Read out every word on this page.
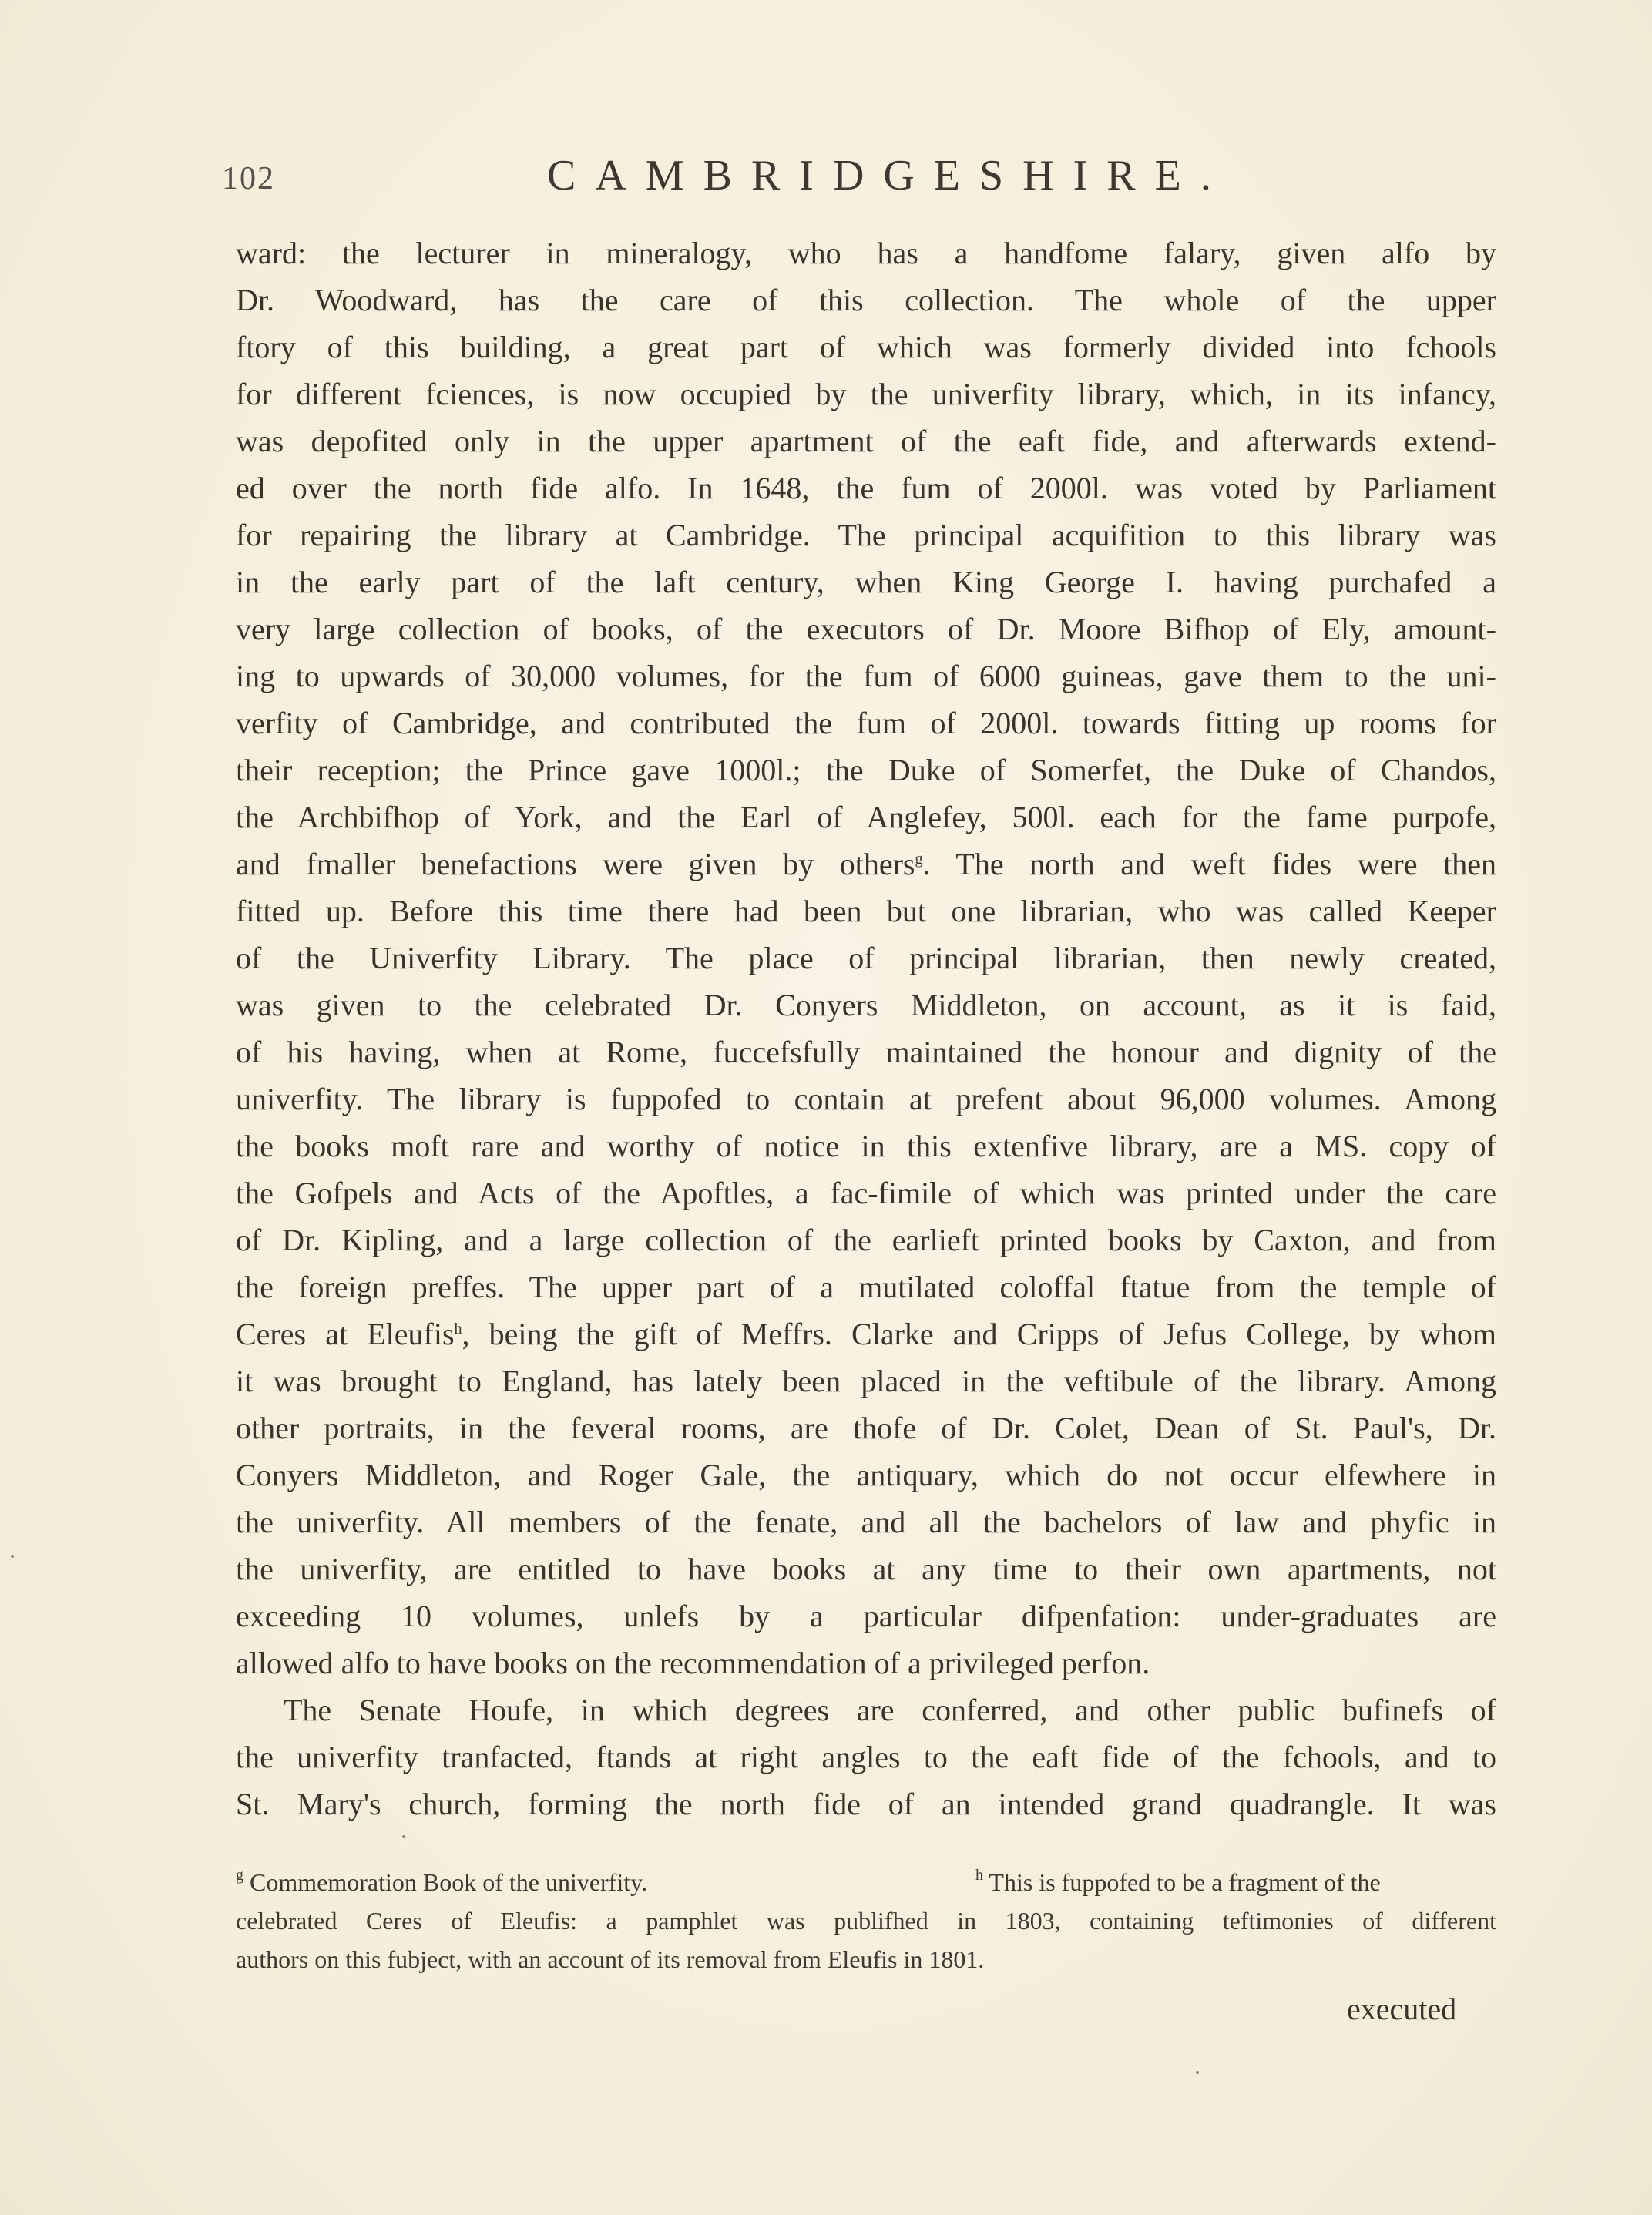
102	CAMBRIDGESHIRE.
ward: the lecturer in mineralogy, who has a handfome falary, given alfo by
Dr. Woodward, has the care of this collection. The whole of the upper
ftory of this building, a great part of which was formerly divided into fchools
for different fciences, is now occupied by the univerfity library, which, in its infancy,
was depofited only in the upper apartment of the eaft fide, and afterwards extend-
ed over the north fide alfo. In 1648, the fum of 2000l. was voted by Parliament
for repairing the library at Cambridge. The principal acquifition to this library was
in the early part of the laft century, when King George I. having purchafed a
very large collection of books, of the executors of Dr. Moore Bifhop of Ely, amount-
ing to upwards of 30,000 volumes, for the fum of 6000 guineas, gave them to the uni-
verfity of Cambridge, and contributed the fum of 2000l. towards fitting up rooms for
their reception; the Prince gave 1000l.; the Duke of Somerfet, the Duke of Chandos,
the Archbifhop of York, and the Earl of Anglefey, 500l. each for the fame purpofe,
and fmaller benefactions were given by others$^g$. The north and weft fides were then
fitted up. Before this time there had been but one librarian, who was called Keeper
of the Univerfity Library. The place of principal librarian, then newly created,
was given to the celebrated Dr. Conyers Middleton, on account, as it is faid,
of his having, when at Rome, fuccefsfully maintained the honour and dignity of the
univerfity. The library is fuppofed to contain at prefent about 96,000 volumes. Among
the books moft rare and worthy of notice in this extenfive library, are a MS. copy of
the Gofpels and Acts of the Apoftles, a fac-fimile of which was printed under the care
of Dr. Kipling, and a large collection of the earlieft printed books by Caxton, and from
the foreign preffes. The upper part of a mutilated coloffal ftatue from the temple of
Ceres at Eleufis$^h$, being the gift of Meffrs. Clarke and Cripps of Jefus College, by whom
it was brought to England, has lately been placed in the veftibule of the library. Among
other portraits, in the feveral rooms, are thofe of Dr. Colet, Dean of St. Paul's, Dr.
Conyers Middleton, and Roger Gale, the antiquary, which do not occur elfewhere in
the univerfity. All members of the fenate, and all the bachelors of law and phyfic in
the univerfity, are entitled to have books at any time to their own apartments, not
exceeding 10 volumes, unlefs by a particular difpenfation: under-graduates are
allowed alfo to have books on the recommendation of a privileged perfon.
The Senate Houfe, in which degrees are conferred, and other public bufinefs of
the univerfity tranfacted, ftands at right angles to the eaft fide of the fchools, and to
St. Mary's church, forming the north fide of an intended grand quadrangle. It was
$^g$ Commemoration Book of the univerfity.	$^h$ This is fuppofed to be a fragment of the
celebrated Ceres of Eleufis: a pamphlet was publifhed in 1803, containing teftimonies of different
authors on this fubject, with an account of its removal from Eleufis in 1801.
executed
